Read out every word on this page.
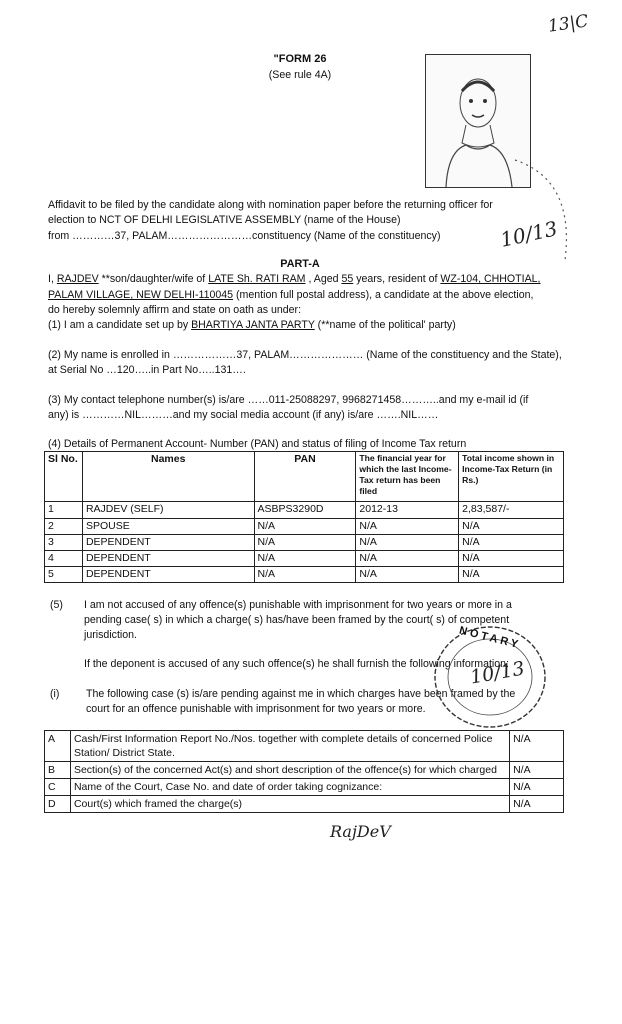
13|C
"FORM 26
(See rule 4A)
Affidavit to be filed by the candidate along with nomination paper before the returning officer for
election to NCT OF DELHI LEGISLATIVE ASSEMBLY (name of the House)
from …………37, PALAM……………………constituency (Name of the constituency)	10/13
PART-A
I, RAJDEV **son/daughter/wife of LATE Sh. RATI RAM , Aged 55 years, resident of WZ-104, CHHOTIAL,
PALAM VILLAGE, NEW DELHI-110045 (mention full postal address), a candidate at the above election,
do hereby solemnly affirm and state on oath as under:
(1) I am a candidate set up by BHARTIYA JANTA PARTY (**name of the political' party)
(2) My name is enrolled in ………………37, PALAM………………… (Name of the constituency and the State),
at Serial No …120…..in Part No…..131….
(3) My contact telephone number(s) is/are ……011-25088297, 9968271458………..and my e-mail id (if
any) is …………NIL………and my social media account (if any) is/are …….NIL……
(4) Details of Permanent Account- Number (PAN) and status of filing of Income Tax return
Sl No.	Names	PAN	The financial year for which the last Income-Tax return has been filed	Total income shown in Income-Tax Return (in Rs.)
1	RAJDEV (SELF)	ASBPS3290D	2012-13	2,83,587/-
2	SPOUSE	N/A	N/A	N/A
3	DEPENDENT	N/A	N/A	N/A
4	DEPENDENT	N/A	N/A	N/A
5	DEPENDENT	N/A	N/A	N/A
(5) I am not accused of any offence(s) punishable with imprisonment for two years or more in a
pending case( s) in which a charge( s) has/have been framed by the court( s) of competent
jurisdiction.
If the deponent is accused of any such offence(s) he shall furnish the following information:
(i)	The following case (s) is/are pending against me in which charges have been framed by the
court for an offence punishable with imprisonment for two years or more.
NOTARY
10/13
A	Cash/First Information Report No./Nos. together with complete details of concerned Police Station/ District State.	N/A
B	Section(s) of the concerned Act(s) and short description of the offence(s) for which charged	N/A
C	Name of the Court, Case No. and date of order taking cognizance:	N/A
D	Court(s) which framed the charge(s)	N/A
RajDeV
